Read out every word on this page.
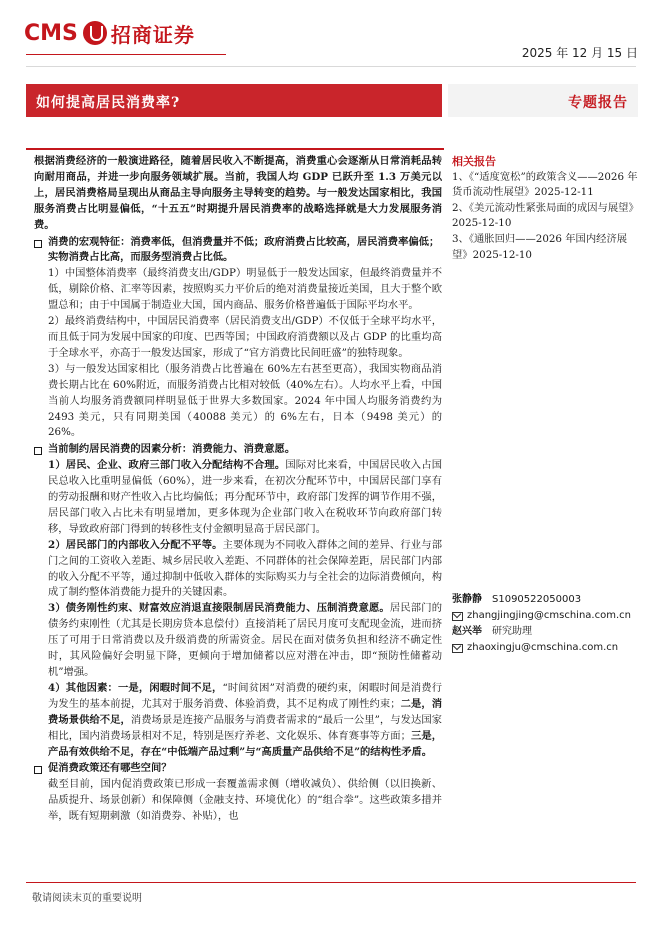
CMS 招商证券
2025 年 12 月 15 日
如何提高居民消费率?	专题报告
根据消费经济的一般演进路径，随着居民收入不断提高，消费重心会逐渐从日常消耗品转向耐用商品，并进一步向服务领域扩展。当前，我国人均 GDP 已跃升至 1.3 万美元以上，居民消费格局呈现出从商品主导向服务主导转变的趋势。与一般发达国家相比，我国服务消费占比明显偏低，“十五五”时期提升居民消费率的战略选择就是大力发展服务消费。
消费的宏观特征：消费率低，但消费量并不低；政府消费占比较高，居民消费率偏低；实物消费占比高，而服务型消费占比低。
1）中国整体消费率（最终消费支出/GDP）明显低于一般发达国家，但最终消费量并不低，剔除价格、汇率等因素，按照购买力平价后的绝对消费量接近美国，且大于整个欧盟总和；由于中国属于制造业大国，国内商品、服务价格普遍低于国际平均水平。
2）最终消费结构中，中国居民消费率（居民消费支出/GDP）不仅低于全球平均水平，而且低于同为发展中国家的印度、巴西等国；中国政府消费额以及占 GDP 的比重均高于全球水平，亦高于一般发达国家，形成了“官方消费比民间旺盛”的独特现象。
3）与一般发达国家相比（服务消费占比普遍在 60%左右甚至更高），我国实物商品消费长期占比在 60%附近，而服务消费占比相对较低（40%左右）。人均水平上看，中国当前人均服务消费额同样明显低于世界大多数国家。2024 年中国人均服务消费约为 2493 美元，只有同期美国（40088 美元）的 6%左右，日本（9498 美元）的 26%。
当前制约居民消费的因素分析：消费能力、消费意愿。
1）居民、企业、政府三部门收入分配结构不合理。国际对比来看，中国居民收入占国民总收入比重明显偏低（60%），进一步来看，在初次分配环节中，中国居民部门享有的劳动报酬和财产性收入占比均偏低；再分配环节中，政府部门发挥的调节作用不强，居民部门收入占比未有明显增加，更多体现为企业部门收入在税收环节向政府部门转移，导致政府部门得到的转移性支付金额明显高于居民部门。
2）居民部门的内部收入分配不平等。主要体现为不同收入群体之间的差异、行业与部门之间的工资收入差距、城乡居民收入差距、不同群体的社会保障差距，居民部门内部的收入分配不平等，通过抑制中低收入群体的实际购买力与全社会的边际消费倾向，构成了制约整体消费能力提升的关键因素。
3）债务刚性约束、财富效应消退直接限制居民消费能力、压制消费意愿。居民部门的债务约束刚性（尤其是长期房贷本息偿付）直接消耗了居民月度可支配现金流，进而挤压了可用于日常消费以及升级消费的所需资金。居民在面对债务负担和经济不确定性时，其风险偏好会明显下降，更倾向于增加储蓄以应对潜在冲击，即“预防性储蓄动机”增强。
4）其他因素：一是，闲暇时间不足，“时间贫困”对消费的硬约束，闲暇时间是消费行为发生的基本前提，尤其对于服务消费、体验消费，其不足构成了刚性约束；二是，消费场景供给不足，消费场景是连接产品服务与消费者需求的“最后一公里”，与发达国家相比，国内消费场景相对不足，特别是医疗养老、文化娱乐、体育赛事等方面；三是，产品有效供给不足，存在“中低端产品过剩”与“高质量产品供给不足”的结构性矛盾。
促消费政策还有哪些空间？
截至目前，国内促消费政策已形成一套覆盖需求侧（增收减负）、供给侧（以旧换新、品质提升、场景创新）和保障侧（金融支持、环境优化）的“组合拳”。这些政策多措并举，既有短期刺激（如消费券、补贴），也
相关报告
1、《“适度宽松”的政策含义——2026 年货币流动性展望》2025-12-11
2、《美元流动性紧张局面的成因与展望》2025-12-10
3、《通胀回归——2026 年国内经济展望》2025-12-10
张静静 S1090522050003
zhangjingjing@cmschina.com.cn
赵兴举 研究助理
zhaoxingju@cmschina.com.cn
敬请阅读末页的重要说明
